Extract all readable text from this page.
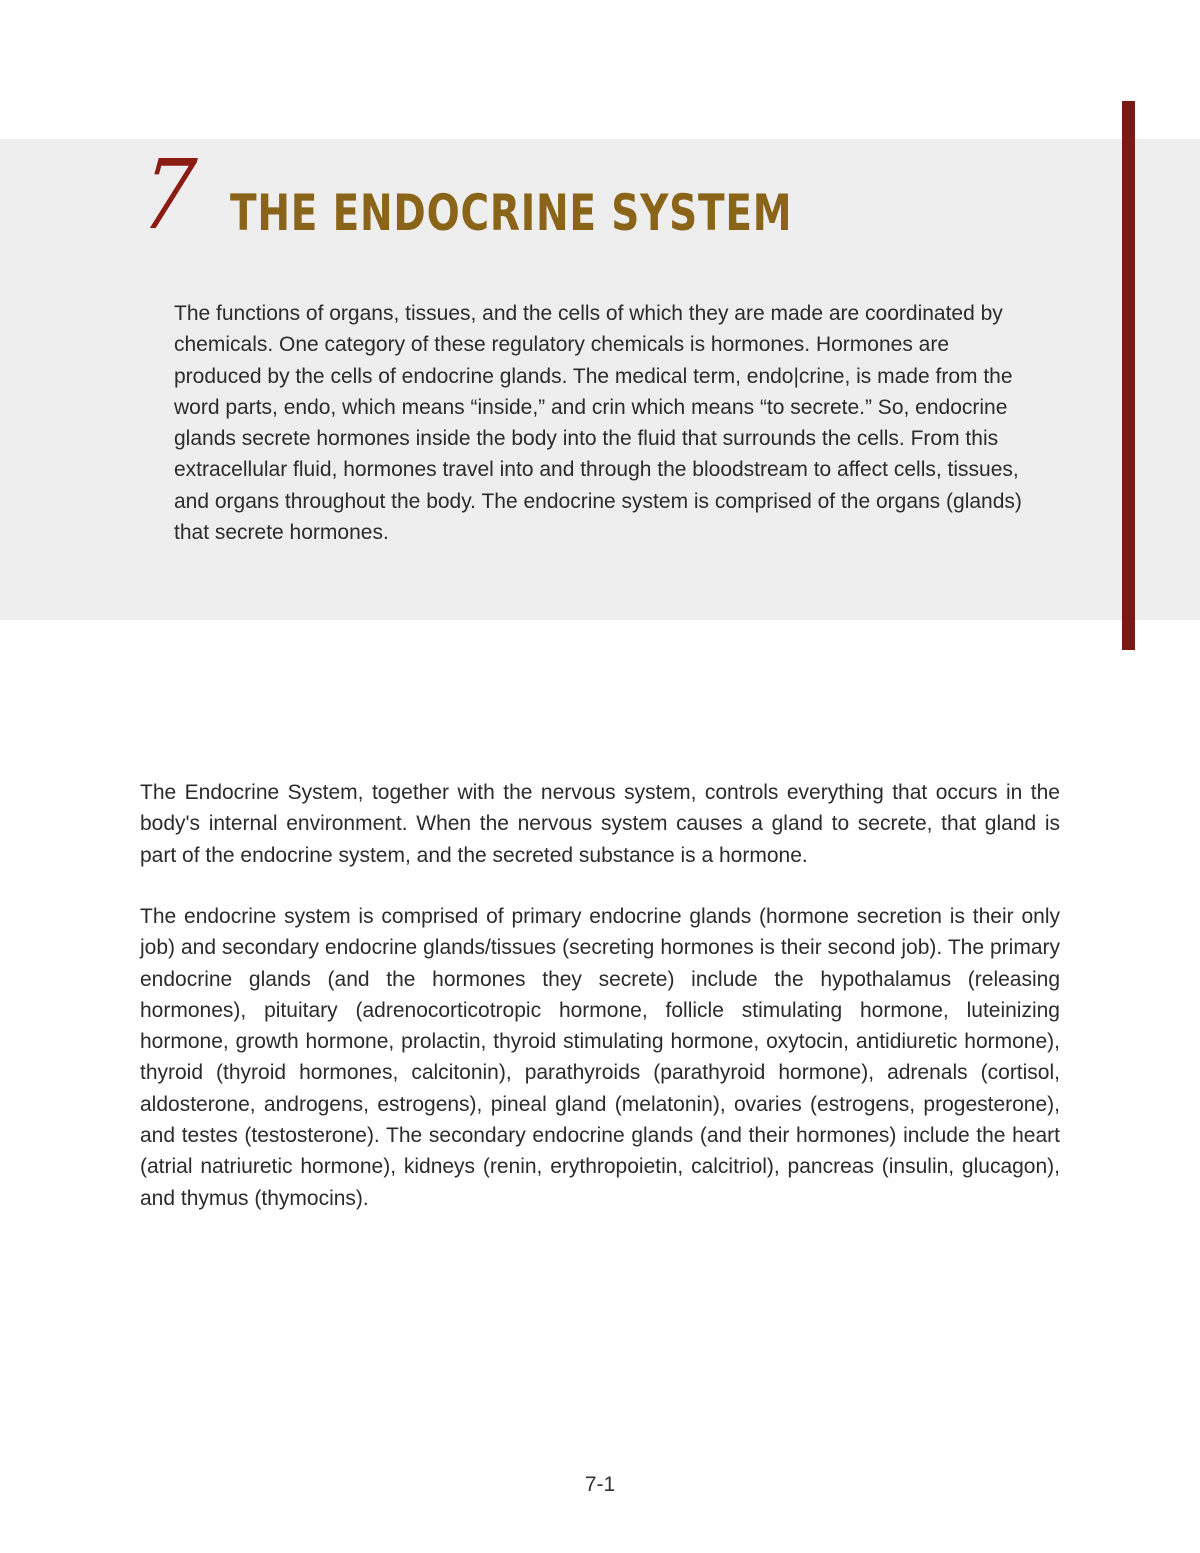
7 THE ENDOCRINE SYSTEM

The functions of organs, tissues, and the cells of which they are made are coordinated by chemicals. One category of these regulatory chemicals is hormones. Hormones are produced by the cells of endocrine glands. The medical term, endo|crine, is made from the word parts, endo, which means “inside,” and crin which means “to secrete.” So, endocrine glands secrete hormones inside the body into the fluid that surrounds the cells. From this extracellular fluid, hormones travel into and through the bloodstream to affect cells, tissues, and organs throughout the body. The endocrine system is comprised of the organs (glands) that secrete hormones.

The Endocrine System, together with the nervous system, controls everything that occurs in the body's internal environment. When the nervous system causes a gland to secrete, that gland is part of the endocrine system, and the secreted substance is a hormone.

The endocrine system is comprised of primary endocrine glands (hormone secretion is their only job) and secondary endocrine glands/tissues (secreting hormones is their second job). The primary endocrine glands (and the hormones they secrete) include the hypothalamus (releasing hormones), pituitary (adrenocorticotropic hormone, follicle stimulating hormone, luteinizing hormone, growth hormone, prolactin, thyroid stimulating hormone, oxytocin, antidiuretic hormone), thyroid (thyroid hormones, calcitonin), parathyroids (parathyroid hormone), adrenals (cortisol, aldosterone, androgens, estrogens), pineal gland (melatonin), ovaries (estrogens, progesterone), and testes (testosterone). The secondary endocrine glands (and their hormones) include the heart (atrial natriuretic hormone), kidneys (renin, erythropoietin, calcitriol), pancreas (insulin, glucagon), and thymus (thymocins).

7-1
